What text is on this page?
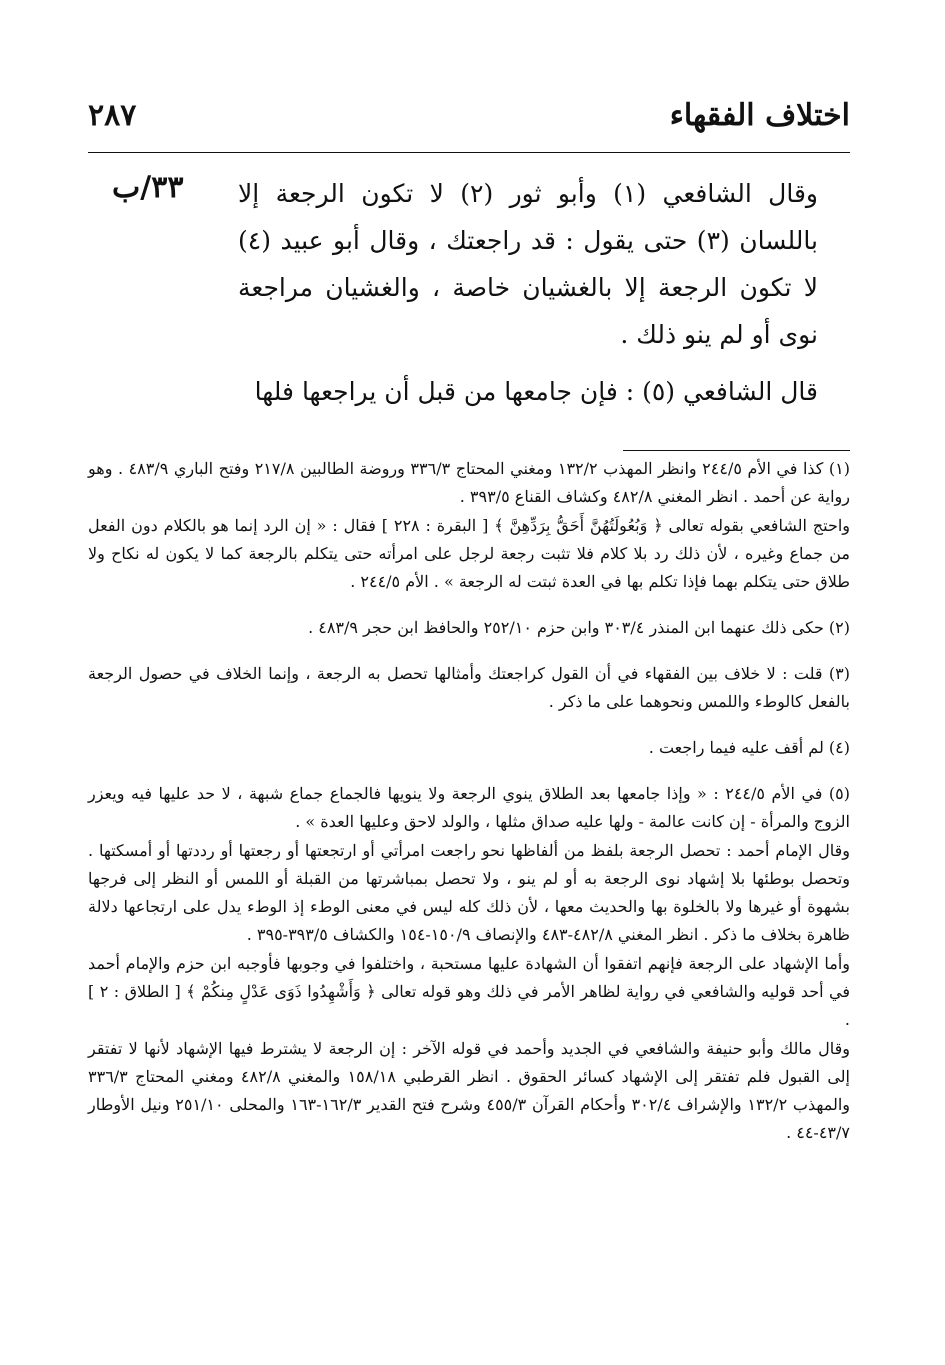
اختلاف الفقهاء
٢٨٧
٣٣/ب وقال الشافعي (١) وأبو ثور (٢) لا تكون الرجعة إلا باللسان (٣) حتى يقول : قد راجعتك ، وقال أبو عبيد (٤) لا تكون الرجعة إلا بالغشيان خاصة ، والغشيان مراجعة نوى أو لم ينو ذلك .

قال الشافعي (٥) : فإن جامعها من قبل أن يراجعها فلها

(١) كذا في الأم ٢٤٤/٥ وانظر المهذب ١٣٢/٢ ومغني المحتاج ٣٣٦/٣ وروضة الطالبين ٢١٧/٨ وفتح الباري ٤٨٣/٩ . وهو رواية عن أحمد . انظر المغني ٤٨٢/٨ وكشاف القناع ٣٩٣/٥ .

واحتج الشافعي بقوله تعالى ﴿ وَبُعُولَتُهُنَّ أَحَقُّ بِرَدِّهِنَّ ﴾ [ البقرة : ٢٢٨ ] فقال : « إن الرد إنما هو بالكلام دون الفعل من جماع وغيره ، لأن ذلك رد بلا كلام فلا تثبت رجعة لرجل على امرأته حتى يتكلم بالرجعة كما لا يكون له نكاح ولا طلاق حتى يتكلم بهما فإذا تكلم بها في العدة ثبتت له الرجعة » . الأم ٢٤٤/٥ .

(٢) حكى ذلك عنهما ابن المنذر ٣٠٣/٤ وابن حزم ٢٥٢/١٠ والحافظ ابن حجر ٤٨٣/٩ .

(٣) قلت : لا خلاف بين الفقهاء في أن القول كراجعتك وأمثالها تحصل به الرجعة ، وإنما الخلاف في حصول الرجعة بالفعل كالوطء واللمس ونحوهما على ما ذكر .

(٤) لم أقف عليه فيما راجعت .

(٥) في الأم ٢٤٤/٥ : « وإذا جامعها بعد الطلاق ينوي الرجعة ولا ينويها فالجماع جماع شبهة ، لا حد عليها فيه ويعزر الزوج والمرأة - إن كانت عالمة - ولها عليه صداق مثلها ، والولد لاحق وعليها العدة » .

وقال الإمام أحمد : تحصل الرجعة بلفظ من ألفاظها نحو راجعت امرأتي أو ارتجعتها أو رجعتها أو رددتها أو أمسكتها . وتحصل بوطئها بلا إشهاد نوى الرجعة به أو لم ينو ، ولا تحصل بمباشرتها من القبلة أو اللمس أو النظر إلى فرجها بشهوة أو غيرها ولا بالخلوة بها والحديث معها ، لأن ذلك كله ليس في معنى الوطء إذ الوطء يدل على ارتجاعها دلالة ظاهرة بخلاف ما ذكر . انظر المغني ٤٨٢/٨-٤٨٣ والإنصاف ١٥٠/٩-١٥٤ والكشاف ٣٩٣/٥-٣٩٥ .

وأما الإشهاد على الرجعة فإنهم اتفقوا أن الشهادة عليها مستحبة ، واختلفوا في وجوبها فأوجبه ابن حزم والإمام أحمد في أحد قوليه والشافعي في رواية لظاهر الأمر في ذلك وهو قوله تعالى ﴿ وَأَشْهِدُوا ذَوَى عَدْلٍ مِنكُمْ ﴾ [ الطلاق : ٢ ] .

وقال مالك وأبو حنيفة والشافعي في الجديد وأحمد في قوله الآخر : إن الرجعة لا يشترط فيها الإشهاد لأنها لا تفتقر إلى القبول فلم تفتقر إلى الإشهاد كسائر الحقوق . انظر القرطبي ١٥٨/١٨ والمغني ٤٨٢/٨ ومغني المحتاج ٣٣٦/٣ والمهذب ١٣٢/٢ والإشراف ٣٠٢/٤ وأحكام القرآن ٤٥٥/٣ وشرح فتح القدير ١٦٢/٣-١٦٣ والمحلى ٢٥١/١٠ ونيل الأوطار ٤٣/٧-٤٤ .
